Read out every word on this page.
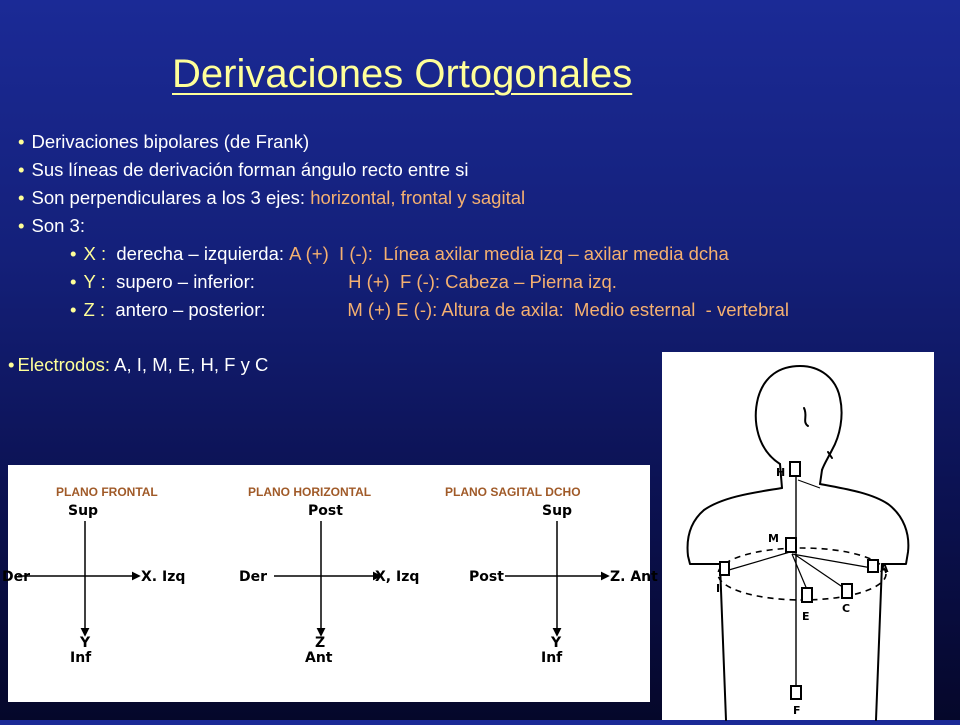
Derivaciones Ortogonales
• Derivaciones bipolares (de Frank)
• Sus líneas de derivación forman ángulo recto entre si
• Son perpendiculares a los 3 ejes: horizontal, frontal y sagital
• Son 3:
• X : derecha – izquierda: A (+)  I (-):  Línea axilar media izq – axilar media dcha
• Y : supero – inferior:	H (+)  F (-): Cabeza – Pierna izq.
• Z : antero – posterior:	M (+) E (-): Altura de axila:  Medio esternal  - vertebral
• Electrodos: A, I, M, E, H, F y C
PLANO FRONTAL	PLANO HORIZONTAL	PLANO SAGITAL DCHO
Sup
Der	X. Izq
Y
Inf
Post
Der	X, Izq
Z
Ant
Sup
Post	Z. Ant
Y
Inf
H
M
I
A
E
C
F
